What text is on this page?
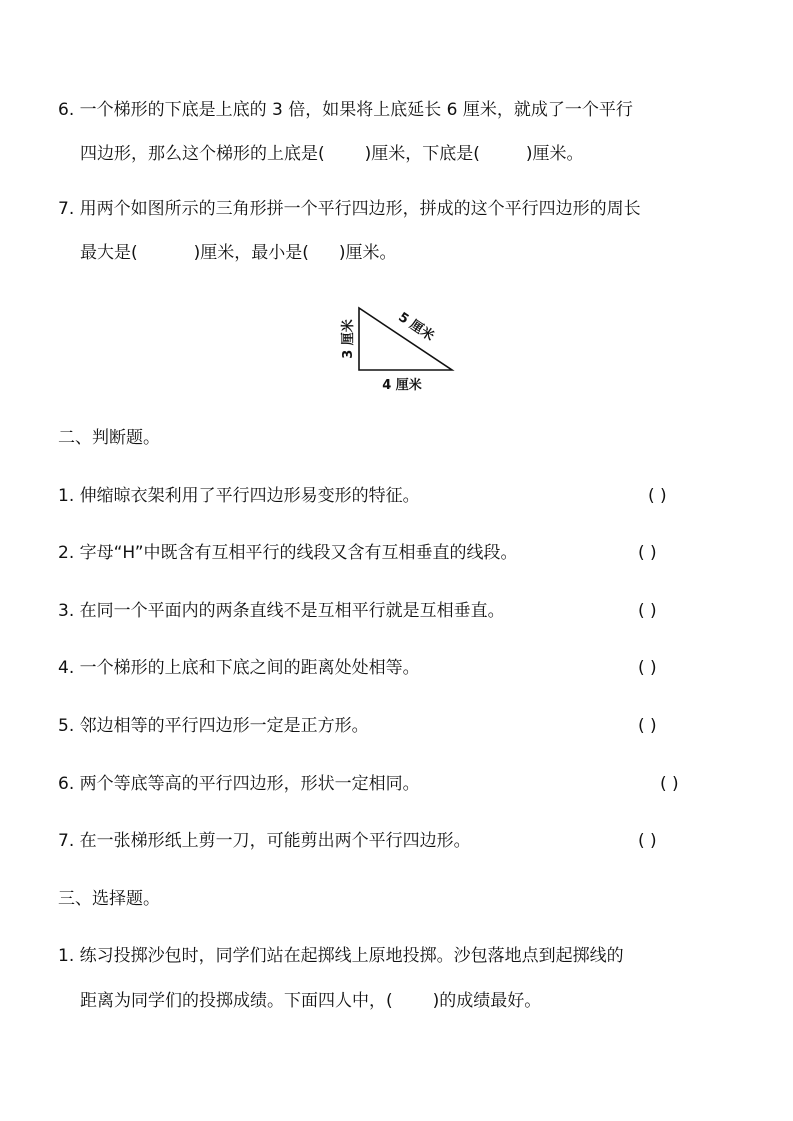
6. 一个梯形的下底是上底的 3 倍，如果将上底延长 6 厘米，就成了一个平行
四边形，那么这个梯形的上底是( )厘米，下底是(	)厘米。
7. 用两个如图所示的三角形拼一个平行四边形，拼成的这个平行四边形的周长
最大是(	)厘米，最小是( )厘米。
3 厘米
4 厘米
5 厘米
二、判断题。
1. 伸缩晾衣架利用了平行四边形易变形的特征。	( )
2. 字母“H”中既含有互相平行的线段又含有互相垂直的线段。	( )
3. 在同一个平面内的两条直线不是互相平行就是互相垂直。	( )
4. 一个梯形的上底和下底之间的距离处处相等。	( )
5. 邻边相等的平行四边形一定是正方形。	( )
6. 两个等底等高的平行四边形，形状一定相同。	( )
7. 在一张梯形纸上剪一刀，可能剪出两个平行四边形。	( )
三、选择题。
1. 练习投掷沙包时，同学们站在起掷线上原地投掷。沙包落地点到起掷线的
距离为同学们的投掷成绩。下面四人中，( )的成绩最好。
